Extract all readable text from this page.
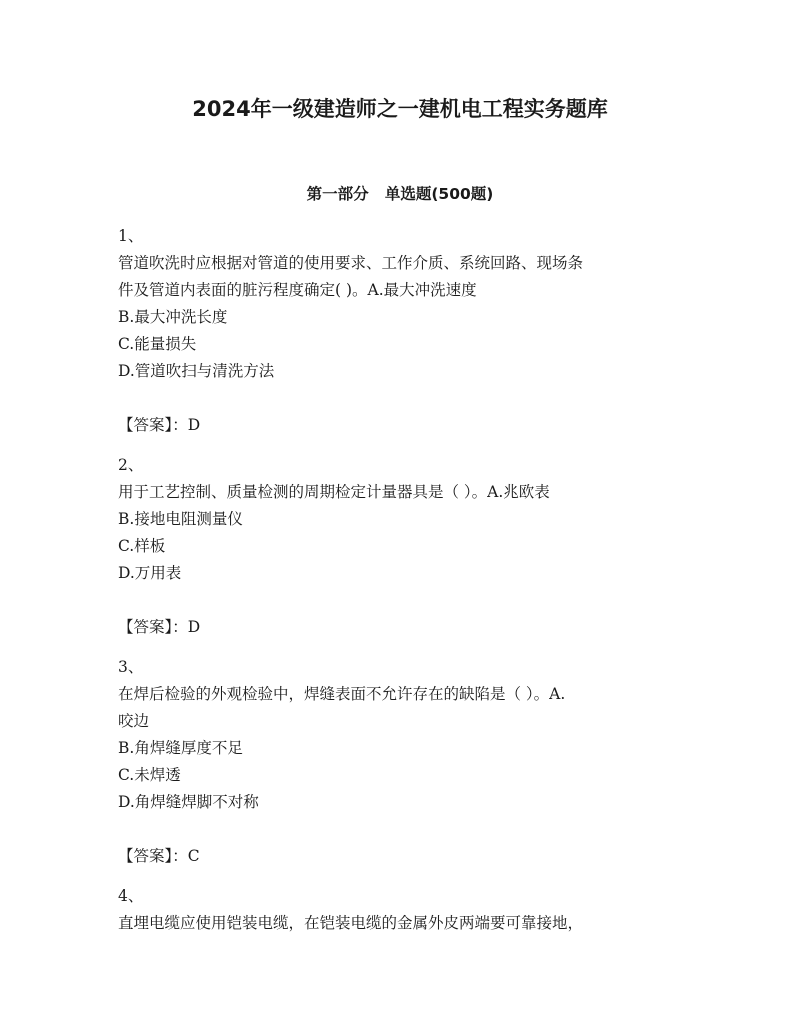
2024年一级建造师之一建机电工程实务题库
第一部分   单选题(500题)
1、
管道吹洗时应根据对管道的使用要求、工作介质、系统回路、现场条
件及管道内表面的脏污程度确定( )。A.最大冲洗速度
B.最大冲洗长度
C.能量损失
D.管道吹扫与清洗方法
【答案】：D
2、
用于工艺控制、质量检测的周期检定计量器具是（ ）。A.兆欧表
B.接地电阻测量仪
C.样板
D.万用表
【答案】：D
3、
在焊后检验的外观检验中，焊缝表面不允许存在的缺陷是（ ）。A.
咬边
B.角焊缝厚度不足
C.未焊透
D.角焊缝焊脚不对称
【答案】：C
4、
直埋电缆应使用铠装电缆，在铠装电缆的金属外皮两端要可靠接地，
